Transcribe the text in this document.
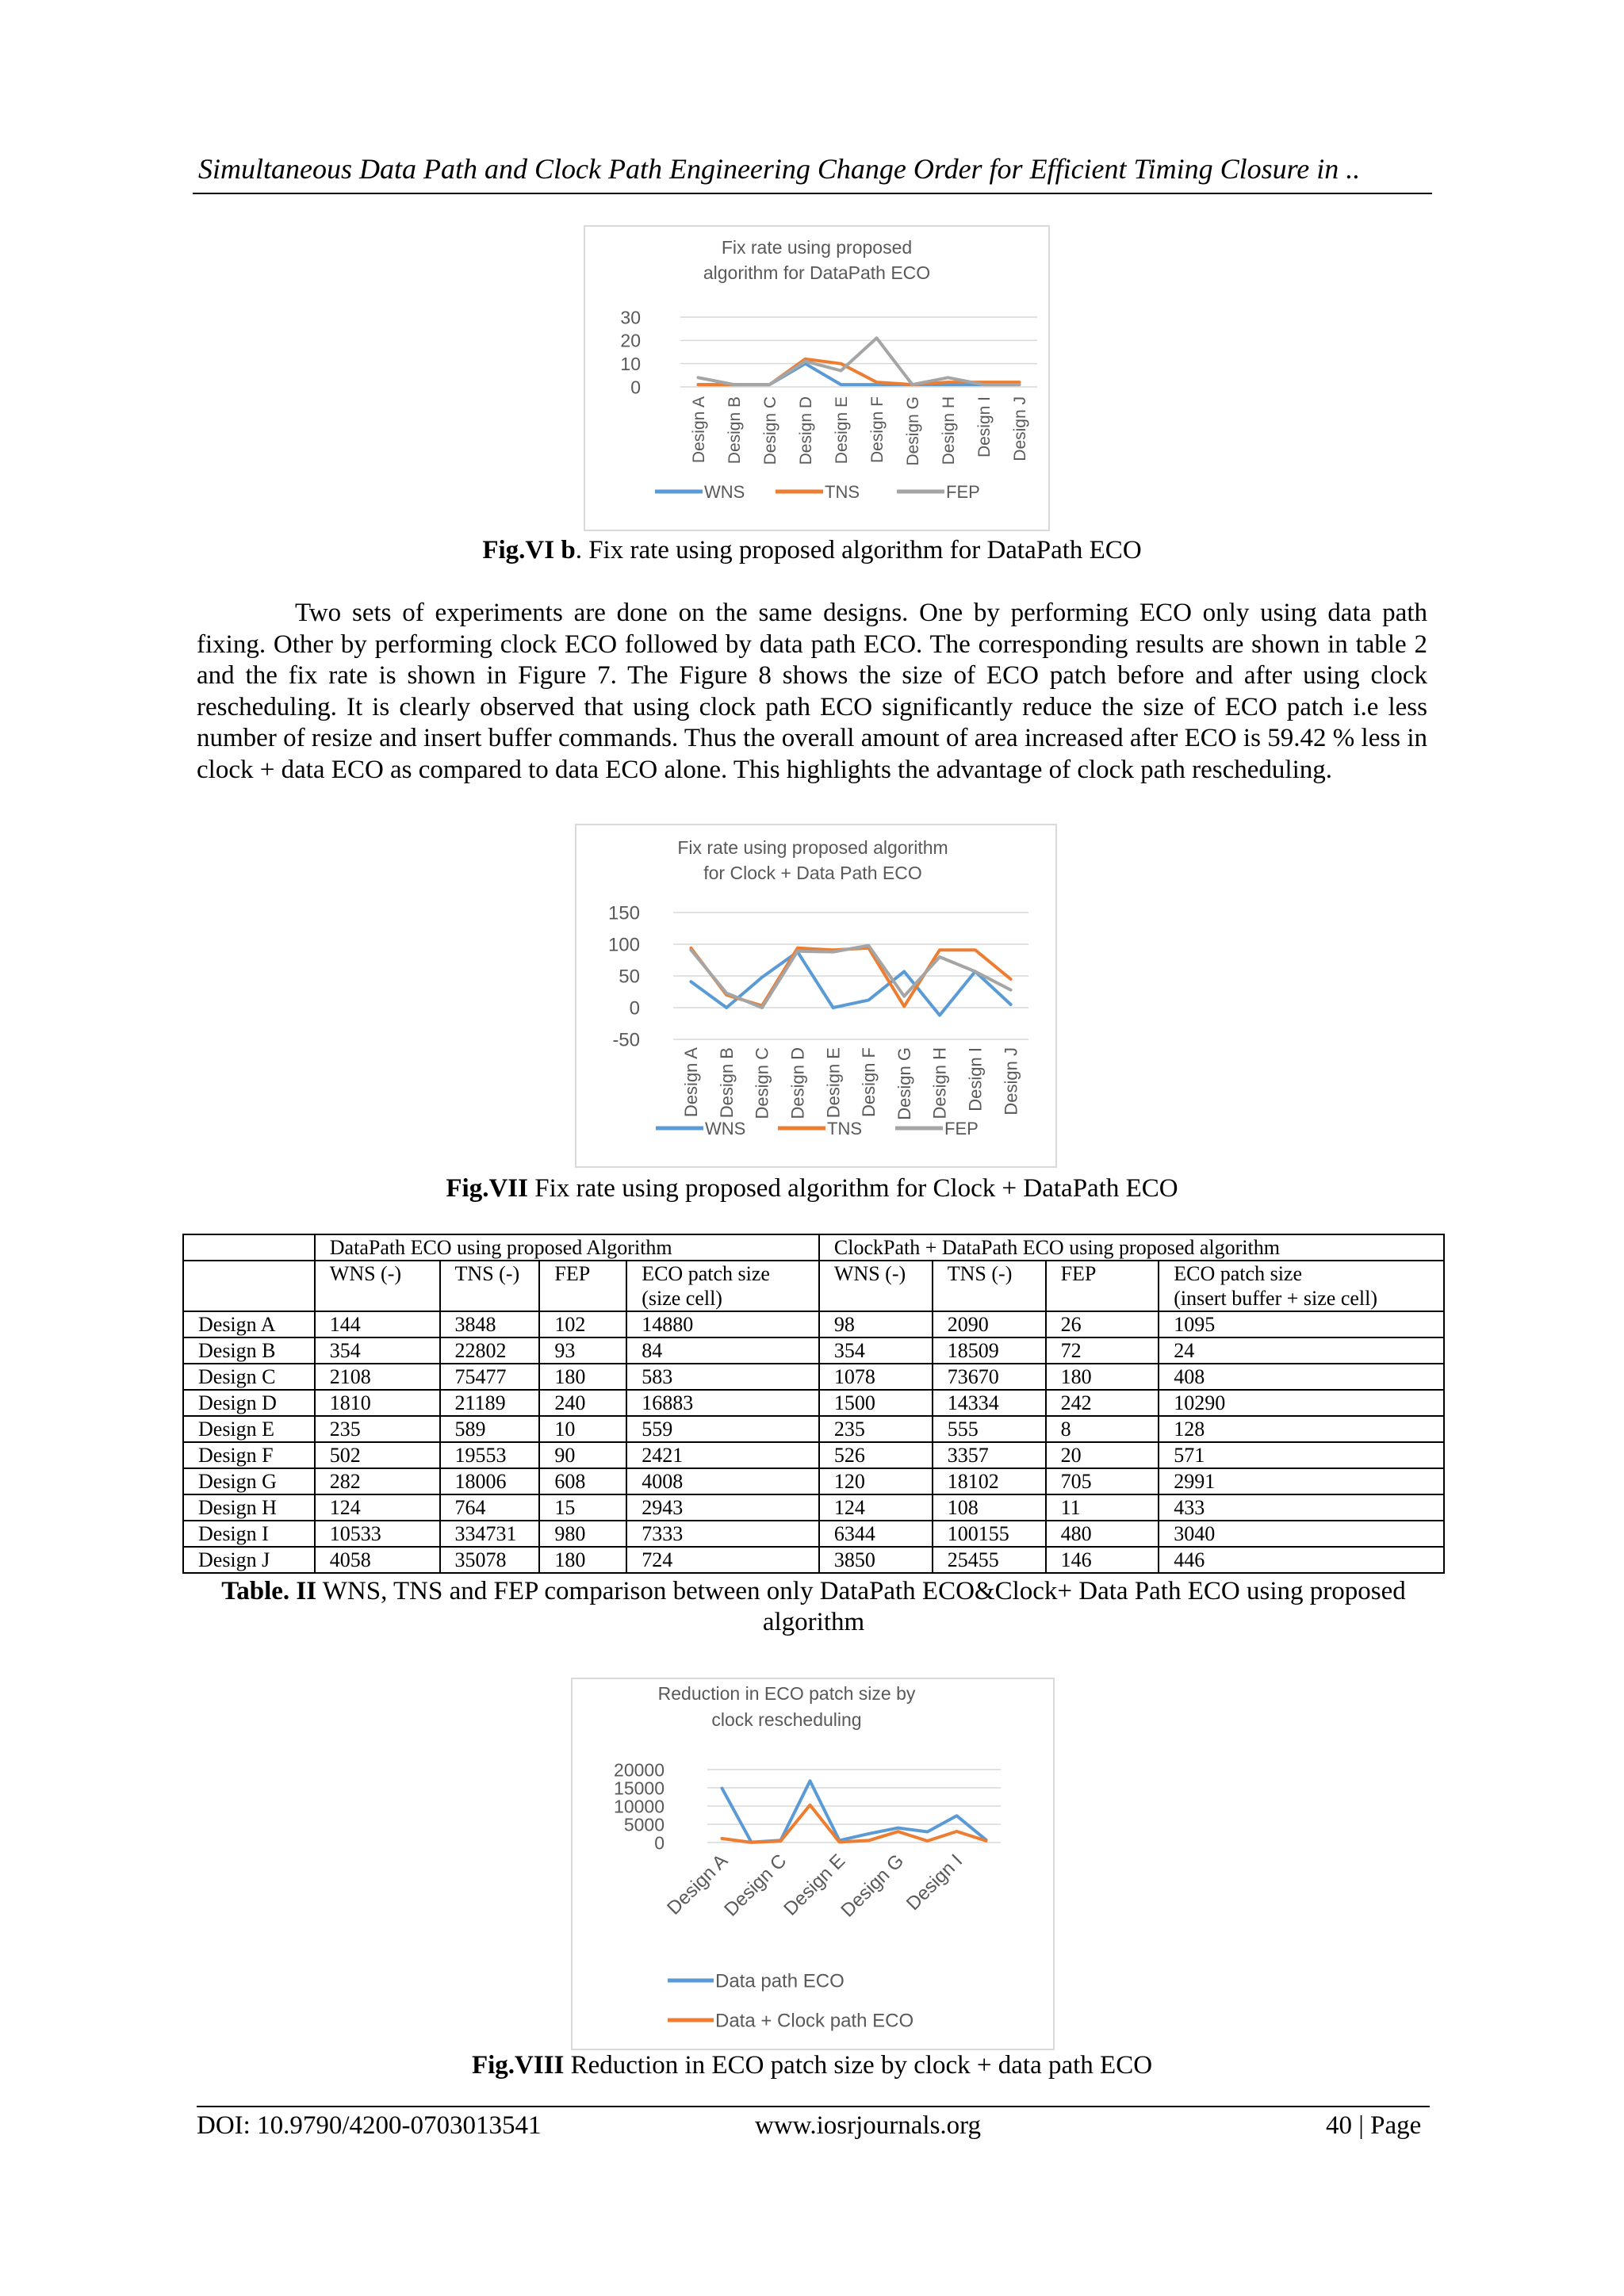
Simultaneous Data Path and Clock Path Engineering Change Order for Efficient Timing Closure in ..
Fix rate using proposed
algorithm for DataPath ECO
0
10
20
30
Design A Design B Design C Design D Design E Design F Design G Design H Design I Design J
WNS	TNS	FEP
Fig.VI b. Fix rate using proposed algorithm for DataPath ECO
Two sets of experiments are done on the same designs. One by performing ECO only using data path fixing. Other by performing clock ECO followed by data path ECO. The corresponding results are shown in table 2 and the fix rate is shown in Figure 7. The Figure 8 shows the size of ECO patch before and after using clock rescheduling. It is clearly observed that using clock path ECO significantly reduce the size of ECO patch i.e less number of resize and insert buffer commands. Thus the overall amount of area increased after ECO is 59.42 % less in clock + data ECO as compared to data ECO alone. This highlights the advantage of clock path rescheduling.
Fix rate using proposed algorithm
for Clock + Data Path ECO
-50
0
50
100
150
Design A Design B Design C Design D Design E Design F Design G Design H Design I Design J
WNS	TNS	FEP
Fig.VII Fix rate using proposed algorithm for Clock + DataPath ECO
	DataPath ECO using proposed Algorithm				ClockPath + DataPath ECO using proposed algorithm			
	WNS (-)	TNS (-)	FEP	ECO patch size
(size cell)	WNS (-)	TNS (-)	FEP	ECO patch size
(insert buffer + size cell)
Design A	144	3848	102	14880	98	2090	26	1095
Design B	354	22802	93	84	354	18509	72	24
Design C	2108	75477	180	583	1078	73670	180	408
Design D	1810	21189	240	16883	1500	14334	242	10290
Design E	235	589	10	559	235	555	8	128
Design F	502	19553	90	2421	526	3357	20	571
Design G	282	18006	608	4008	120	18102	705	2991
Design H	124	764	15	2943	124	108	11	433
Design I	10533	334731	980	7333	6344	100155	480	3040
Design J	4058	35078	180	724	3850	25455	146	446
Table. II WNS, TNS and FEP comparison between only DataPath ECO&Clock+ Data Path ECO using proposed
algorithm
Reduction in ECO patch size by
clock rescheduling
0
5000
10000
15000
20000
Design A
Design C
Design E
Design G
Design I
Data path ECO
Data + Clock path ECO
Fig.VIII Reduction in ECO patch size by clock + data path ECO
DOI: 10.9790/4200-0703013541	www.iosrjournals.org	40 | Page
